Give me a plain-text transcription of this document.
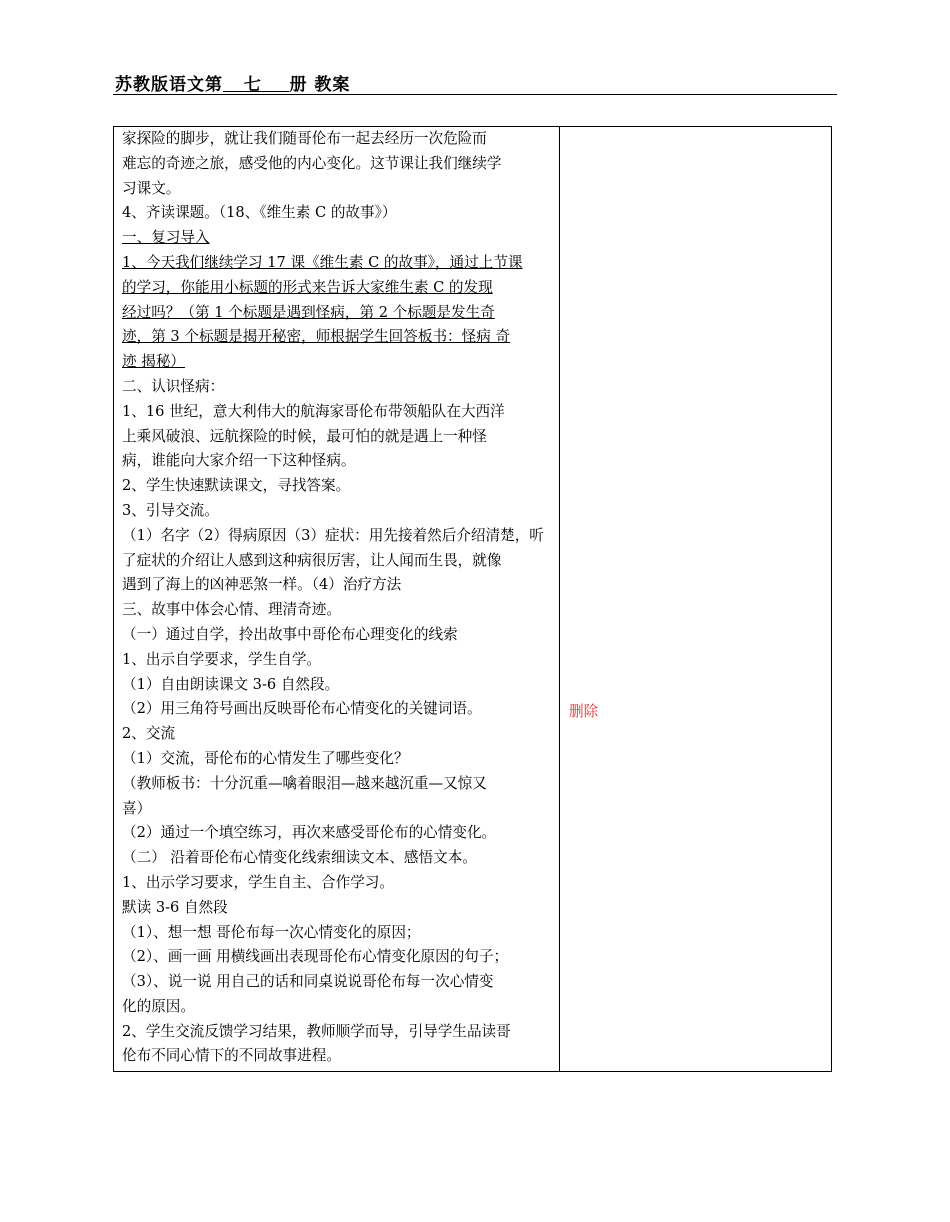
苏教版语文第 七 册 教案
家探险的脚步，就让我们随哥伦布一起去经历一次危险而
难忘的奇迹之旅，感受他的内心变化。这节课让我们继续学
习课文。
4、齐读课题。（18、《维生素 C 的故事》）
一、复习导入
1、今天我们继续学习 17 课《维生素 C 的故事》，通过上节课
的学习，你能用小标题的形式来告诉大家维生素 C 的发现
经过吗？（第 1 个标题是遇到怪病，第 2 个标题是发生奇
迹，第 3 个标题是揭开秘密，师根据学生回答板书：怪病 奇
迹 揭秘）
二、认识怪病：
1、16 世纪，意大利伟大的航海家哥伦布带领船队在大西洋
上乘风破浪、远航探险的时候，最可怕的就是遇上一种怪
病，谁能向大家介绍一下这种怪病。
2、学生快速默读课文，寻找答案。
3、引导交流。
（1）名字（2）得病原因（3）症状：用先接着然后介绍清楚，听
了症状的介绍让人感到这种病很厉害，让人闻而生畏，就像
遇到了海上的凶神恶煞一样。（4）治疗方法
三、故事中体会心情、理清奇迹。
（一）通过自学，拎出故事中哥伦布心理变化的线索
1、出示自学要求，学生自学。
（1）自由朗读课文 3-6 自然段。
（2）用三角符号画出反映哥伦布心情变化的关键词语。
2、交流
（1）交流，哥伦布的心情发生了哪些变化？
（教师板书：十分沉重—噙着眼泪—越来越沉重—又惊又
喜）
（2）通过一个填空练习，再次来感受哥伦布的心情变化。
（二） 沿着哥伦布心情变化线索细读文本、感悟文本。
1、出示学习要求，学生自主、合作学习。
默读 3-6 自然段
（1）、想一想 哥伦布每一次心情变化的原因；
（2）、画一画 用横线画出表现哥伦布心情变化原因的句子；
（3）、说一说 用自己的话和同桌说说哥伦布每一次心情变
化的原因。
2、学生交流反馈学习结果，教师顺学而导，引导学生品读哥
伦布不同心情下的不同故事进程。
删除
